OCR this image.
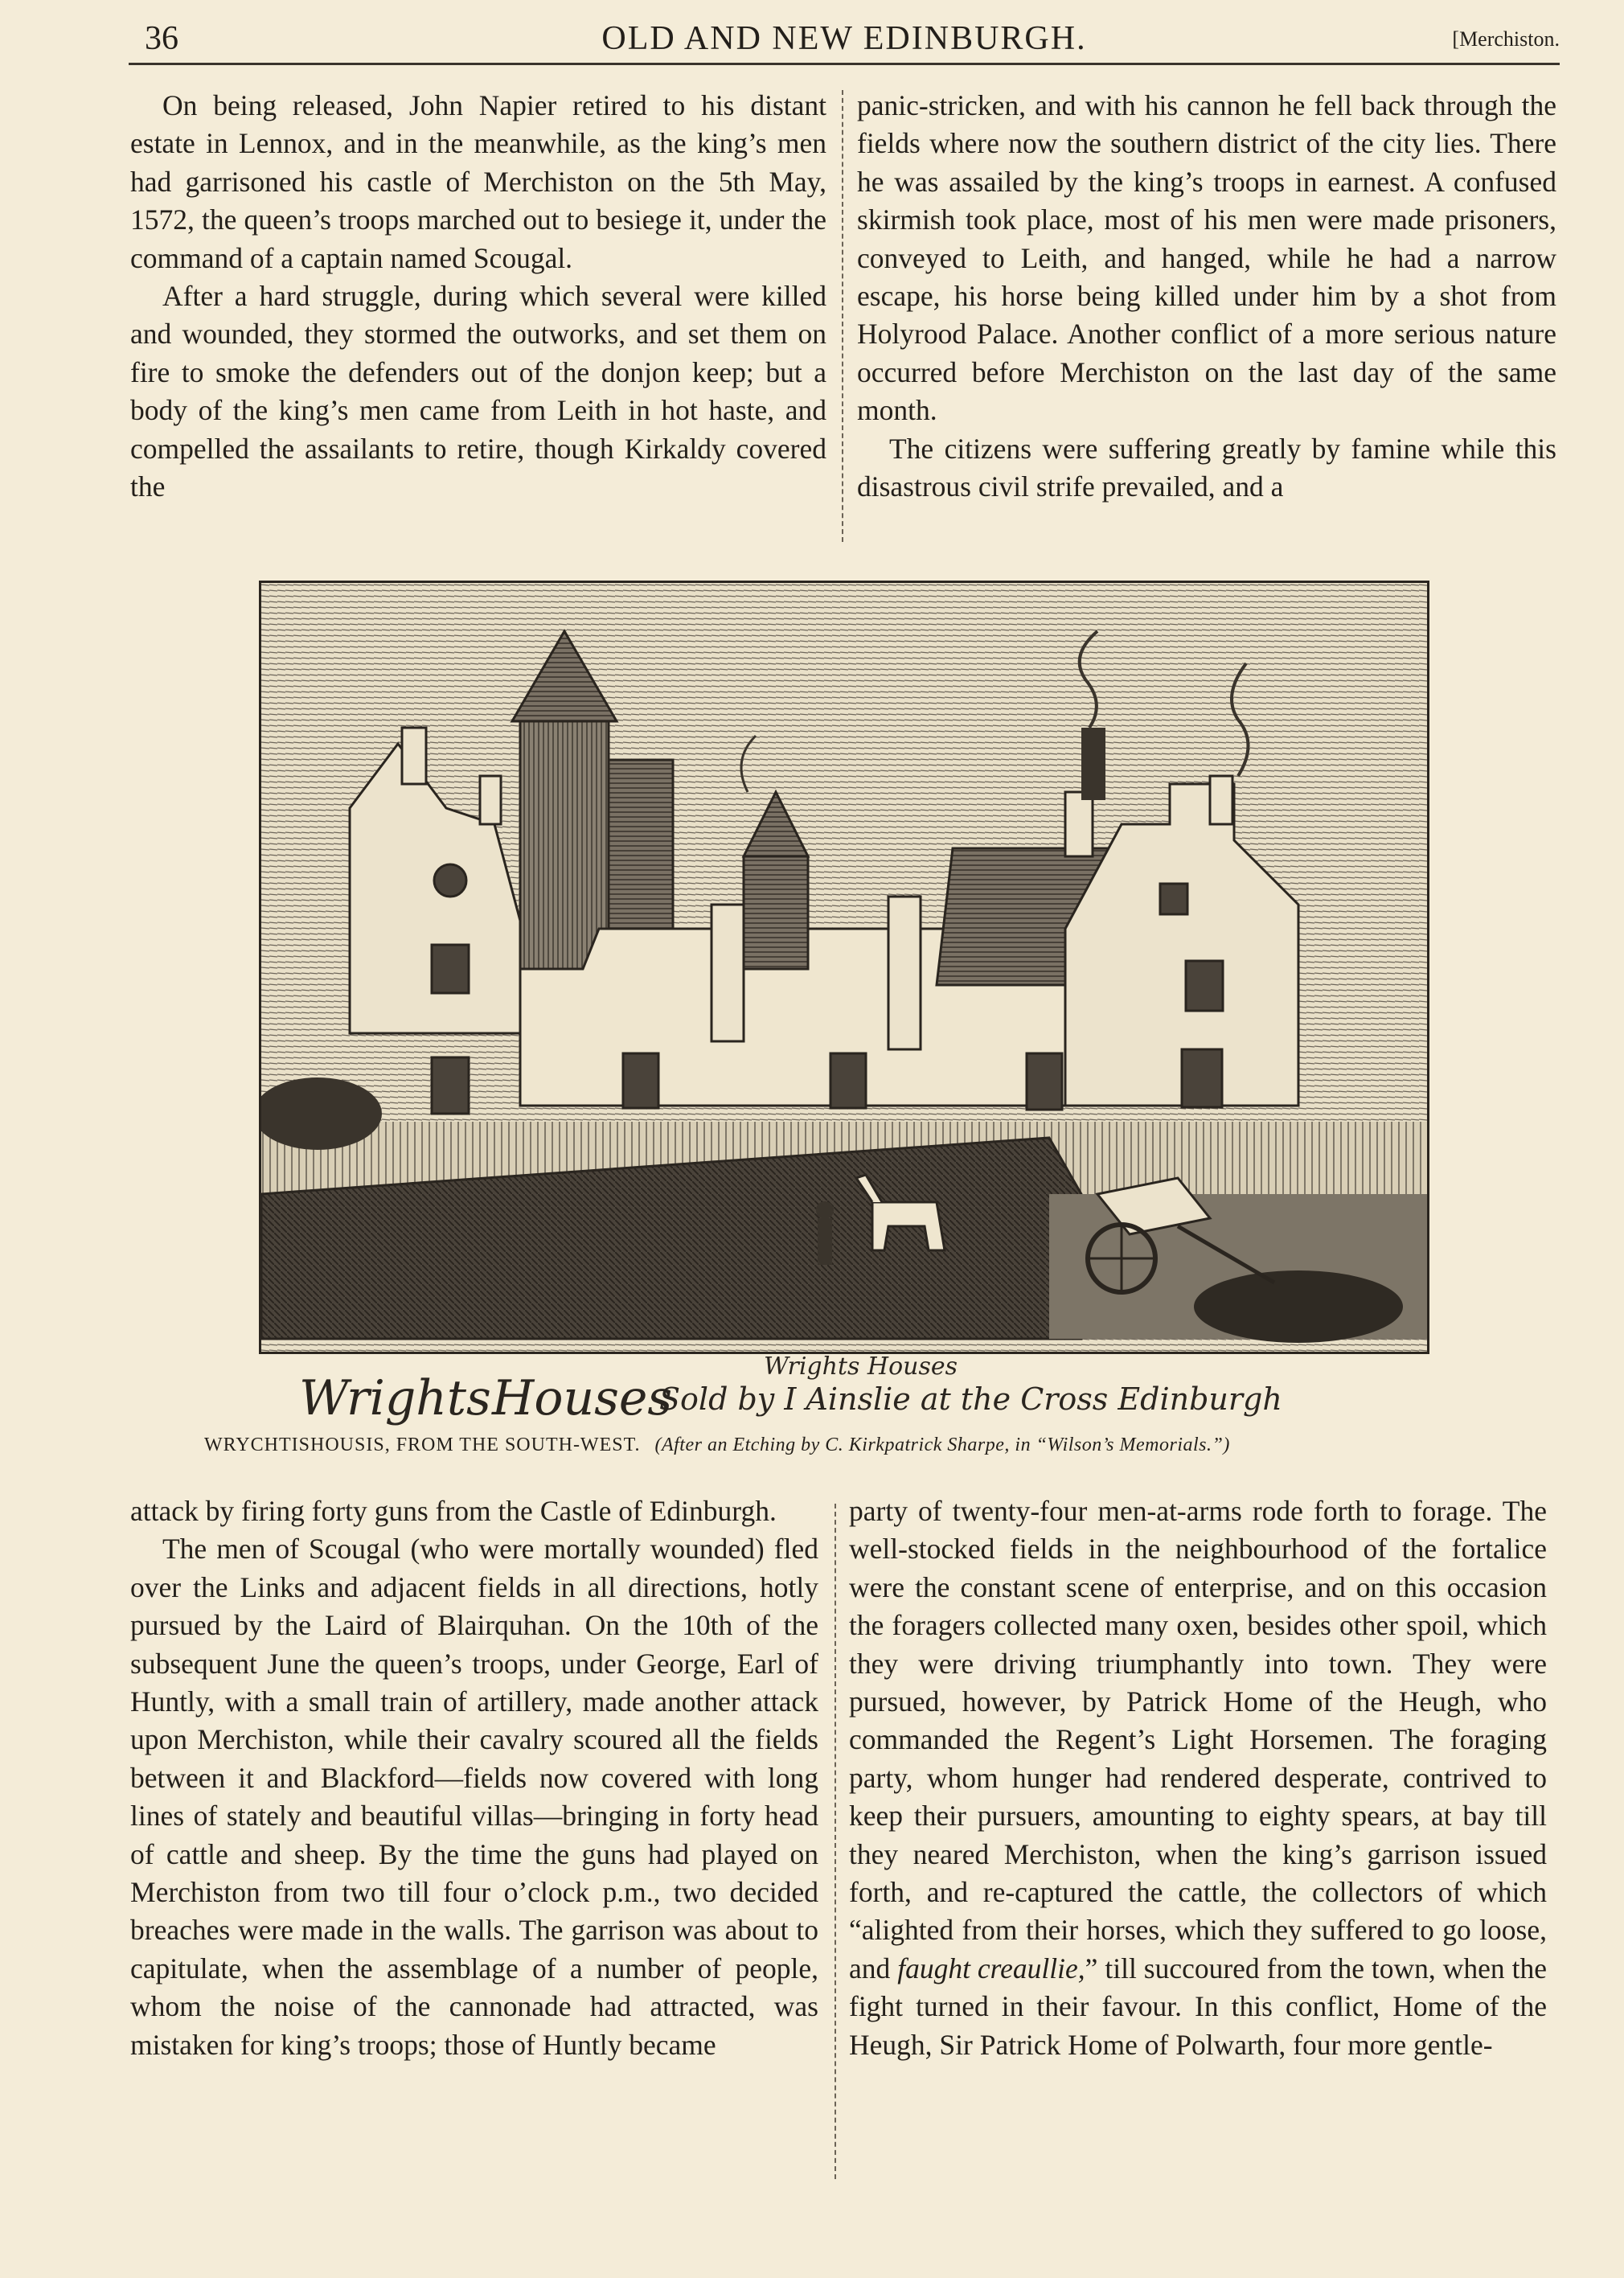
36	OLD AND NEW EDINBURGH.	[Merchiston.

On being released, John Napier retired to his distant estate in Lennox, and in the meanwhile, as the king’s men had garrisoned his castle of Merchiston on the 5th May, 1572, the queen’s troops marched out to besiege it, under the command of a captain named Scougal.

After a hard struggle, during which several were killed and wounded, they stormed the outworks, and set them on fire to smoke the defenders out of the donjon keep; but a body of the king’s men came from Leith in hot haste, and compelled the assailants to retire, though Kirkaldy covered the

panic-stricken, and with his cannon he fell back through the fields where now the southern district of the city lies. There he was assailed by the king’s troops in earnest. A confused skirmish took place, most of his men were made prisoners, conveyed to Leith, and hanged, while he had a narrow escape, his horse being killed under him by a shot from Holyrood Palace. Another conflict of a more serious nature occurred before Merchiston on the last day of the same month.

The citizens were suffering greatly by famine while this disastrous civil strife prevailed, and a

Wrights Houses
Wrights Houses
Sold by I Ainslie at the Cross Edinburgh
WRYCHTISHOUSIS, FROM THE SOUTH-WEST. (After an Etching by C. Kirkpatrick Sharpe, in “Wilson’s Memorials.”)

attack by firing forty guns from the Castle of Edinburgh.

The men of Scougal (who were mortally wounded) fled over the Links and adjacent fields in all directions, hotly pursued by the Laird of Blairquhan. On the 10th of the subsequent June the queen’s troops, under George, Earl of Huntly, with a small train of artillery, made another attack upon Merchiston, while their cavalry scoured all the fields between it and Blackford—fields now covered with long lines of stately and beautiful villas—bringing in forty head of cattle and sheep. By the time the guns had played on Merchiston from two till four o’clock p.m., two decided breaches were made in the walls. The garrison was about to capitulate, when the assemblage of a number of people, whom the noise of the cannonade had attracted, was mistaken for king’s troops; those of Huntly became

party of twenty-four men-at-arms rode forth to forage. The well-stocked fields in the neighbourhood of the fortalice were the constant scene of enterprise, and on this occasion the foragers collected many oxen, besides other spoil, which they were driving triumphantly into town. They were pursued, however, by Patrick Home of the Heugh, who commanded the Regent’s Light Horsemen. The foraging party, whom hunger had rendered desperate, contrived to keep their pursuers, amounting to eighty spears, at bay till they neared Merchiston, when the king’s garrison issued forth, and re-captured the cattle, the collectors of which “alighted from their horses, which they suffered to go loose, and faught creaullie,” till succoured from the town, when the fight turned in their favour. In this conflict, Home of the Heugh, Sir Patrick Home of Polwarth, four more gentle-
